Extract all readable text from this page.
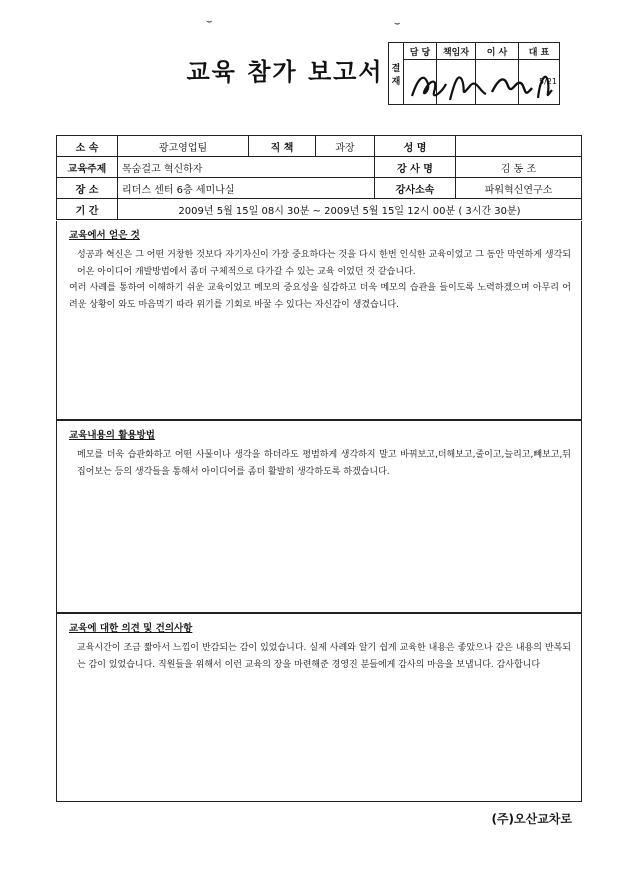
⌣	⌣
교육 참가 보고서 결재	담 당	책임자	이 사	대 표
				5/21
소 속	광고영업팀	직 책	과장	성 명	
교육주제	목숨걸고 혁신하자			강 사 명	김 동 조
장 소	리더스 센터 6층 세미나실			강사소속	파워혁신연구소
기 간	2009년 5월 15일 08시 30분 ~ 2009년 5월 15일 12시 00분 ( 3시간 30분)				
교육에서 얻은 것
성공과 혁신은 그 어떤 거창한 것보다 자기자신이 가장 중요하다는 것을 다시 한번 인식한 교육이었고 그 동안 막연하게 생각되어온 아이디어 개발방법에서 좀더 구체적으로 다가갈 수 있는 교육 이었던 것 같습니다.
여러 사례를 통하여 이해하기 쉬운 교육이었고 메모의 중요성을 실감하고 더욱 메모의 습관을 들이도록 노력하겠으며 아무리 어려운 상황이 와도 마음먹기 따라 위기를 기회로 바꿀 수 있다는 자신감이 생겼습니다.
교육내용의 활용방법
메모를 더욱 습관화하고 어떤 사물이나 생각을 하더라도 평범하게 생각하지 말고 바꿔보고,더해보고,줄이고,늘리고,빼보고,뒤집어보는 등의 생각들을 통해서 아이디어를 좀더 활발히 생각하도록 하겠습니다.
교육에 대한 의견 및 건의사항
교육시간이 조금 짧아서 느낌이 반감되는 감이 있었습니다. 실제 사례와 알기 쉽게 교육한 내용은 좋았으나 같은 내용의 반복되는 감이 있었습니다. 직원들을 위해서 이런 교육의 장을 마련해준 경영진 분들에게 감사의 마음을 보냅니다. 감사합니다
(주)오산교차로
